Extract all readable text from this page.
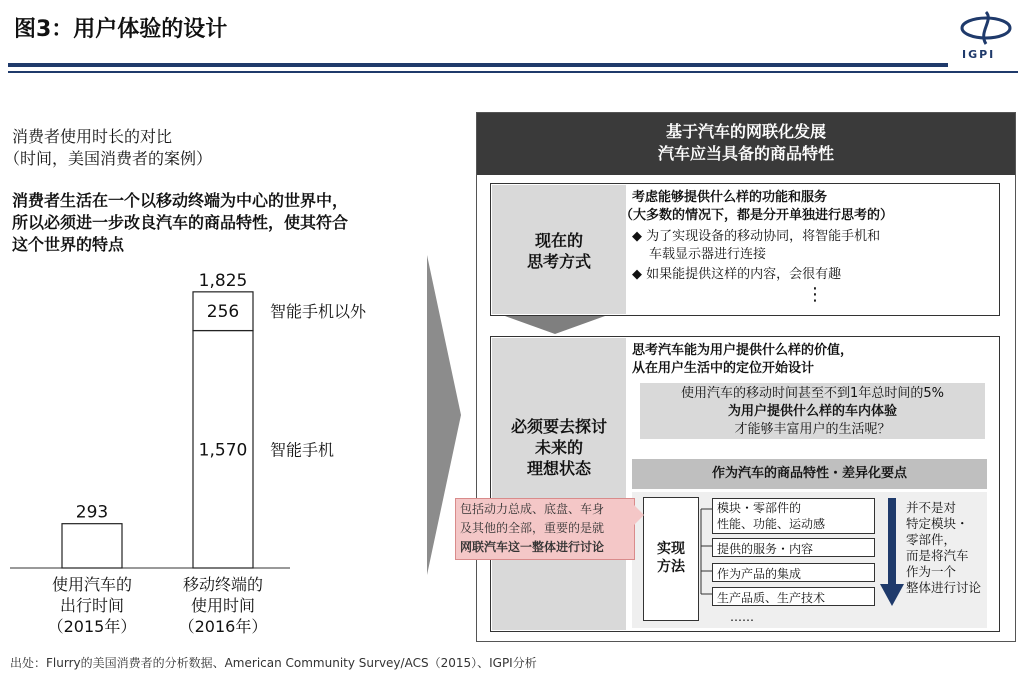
图3：用户体验的设计
IGPI
消费者使用时长的对比
（时间，美国消费者的案例）
消费者生活在一个以移动终端为中心的世界中，
所以必须进一步改良汽车的商品特性，使其符合
这个世界的特点
293
使用汽车的
出行时间
（2015年）
1,825
移动终端的
使用时间
（2016年）
1,570
256
智能手机
智能手机以外
基于汽车的网联化发展
汽车应当具备的商品特性
现在的
思考方式
考虑能够提供什么样的功能和服务
（大多数的情况下，都是分开单独进行思考的）
◆ 为了实现设备的移动协同，将智能手机和
车载显示器进行连接
◆ 如果能提供这样的内容，会很有趣
⋮
必须要去探讨
未来的
理想状态
思考汽车能为用户提供什么样的价值，
从在用户生活中的定位开始设计
使用汽车的移动时间甚至不到1年总时间的5%
为用户提供什么样的车内体验
才能够丰富用户的生活呢？
作为汽车的商品特性・差异化要点
实现
方法
模块・零部件的
性能、功能、运动感
提供的服务・内容
作为产品的集成
生产品质、生产技术
……
并不是对
特定模块・
零部件，
而是将汽车
作为一个
整体进行讨论
包括动力总成、底盘、车身
及其他的全部，重要的是就
网联汽车这一整体进行讨论
出处：Flurry的美国消费者的分析数据、American Community Survey/ACS（2015）、IGPI分析
